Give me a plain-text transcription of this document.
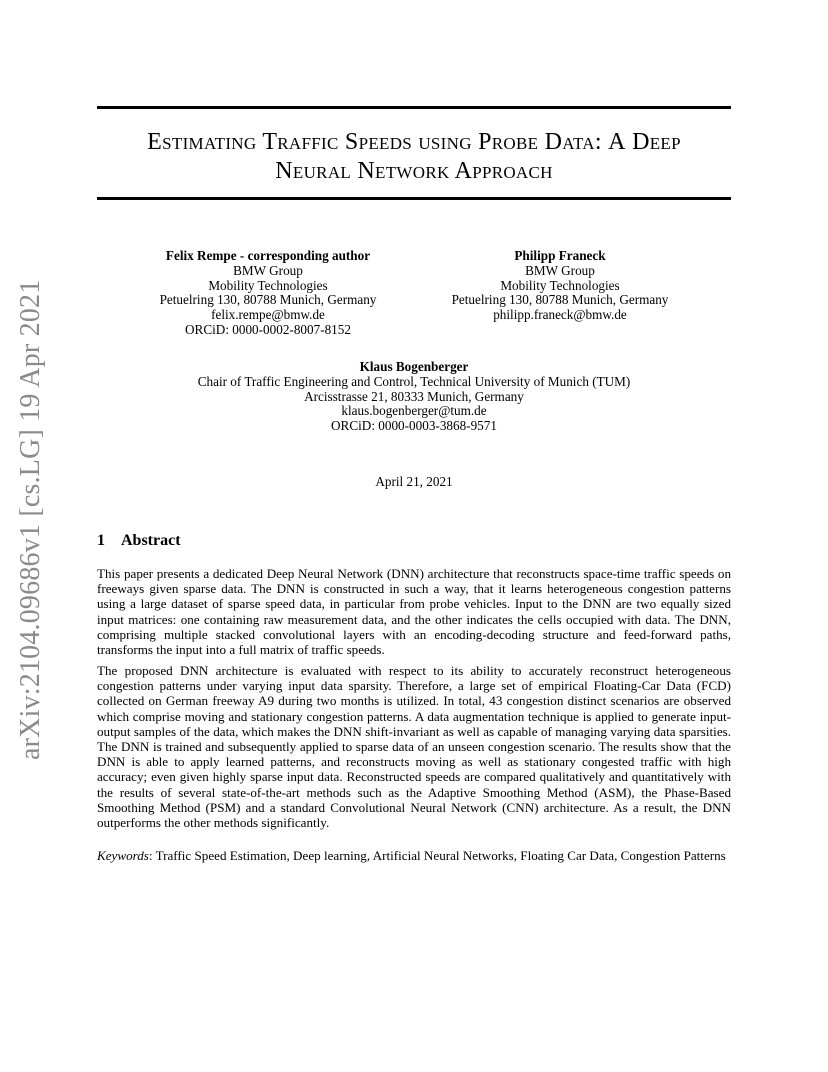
arXiv:2104.09686v1 [cs.LG] 19 Apr 2021
Estimating Traffic Speeds using Probe Data: A Deep
Neural Network Approach
Felix Rempe - corresponding author
BMW Group
Mobility Technologies
Petuelring 130, 80788 Munich, Germany
felix.rempe@bmw.de
ORCiD: 0000-0002-8007-8152
Philipp Franeck
BMW Group
Mobility Technologies
Petuelring 130, 80788 Munich, Germany
philipp.franeck@bmw.de
Klaus Bogenberger
Chair of Traffic Engineering and Control, Technical University of Munich (TUM)
Arcisstrasse 21, 80333 Munich, Germany
klaus.bogenberger@tum.de
ORCiD: 0000-0003-3868-9571
April 21, 2021
1 Abstract
This paper presents a dedicated Deep Neural Network (DNN) architecture that reconstructs space-time traffic speeds on freeways given sparse data. The DNN is constructed in such a way, that it learns heterogeneous congestion patterns using a large dataset of sparse speed data, in particular from probe vehicles. Input to the DNN are two equally sized input matrices: one containing raw measurement data, and the other indicates the cells occupied with data. The DNN, comprising multiple stacked convolutional layers with an encoding-decoding structure and feed-forward paths, transforms the input into a full matrix of traffic speeds.
The proposed DNN architecture is evaluated with respect to its ability to accurately reconstruct heterogeneous congestion patterns under varying input data sparsity. Therefore, a large set of empirical Floating-Car Data (FCD) collected on German freeway A9 during two months is utilized. In total, 43 congestion distinct scenarios are observed which comprise moving and stationary congestion patterns. A data augmentation technique is applied to generate input-output samples of the data, which makes the DNN shift-invariant as well as capable of managing varying data sparsities. The DNN is trained and subsequently applied to sparse data of an unseen congestion scenario. The results show that the DNN is able to apply learned patterns, and reconstructs moving as well as stationary congested traffic with high accuracy; even given highly sparse input data. Reconstructed speeds are compared qualitatively and quantitatively with the results of several state-of-the-art methods such as the Adaptive Smoothing Method (ASM), the Phase-Based Smoothing Method (PSM) and a standard Convolutional Neural Network (CNN) architecture. As a result, the DNN outperforms the other methods significantly.
Keywords: Traffic Speed Estimation, Deep learning, Artificial Neural Networks, Floating Car Data, Congestion Patterns
